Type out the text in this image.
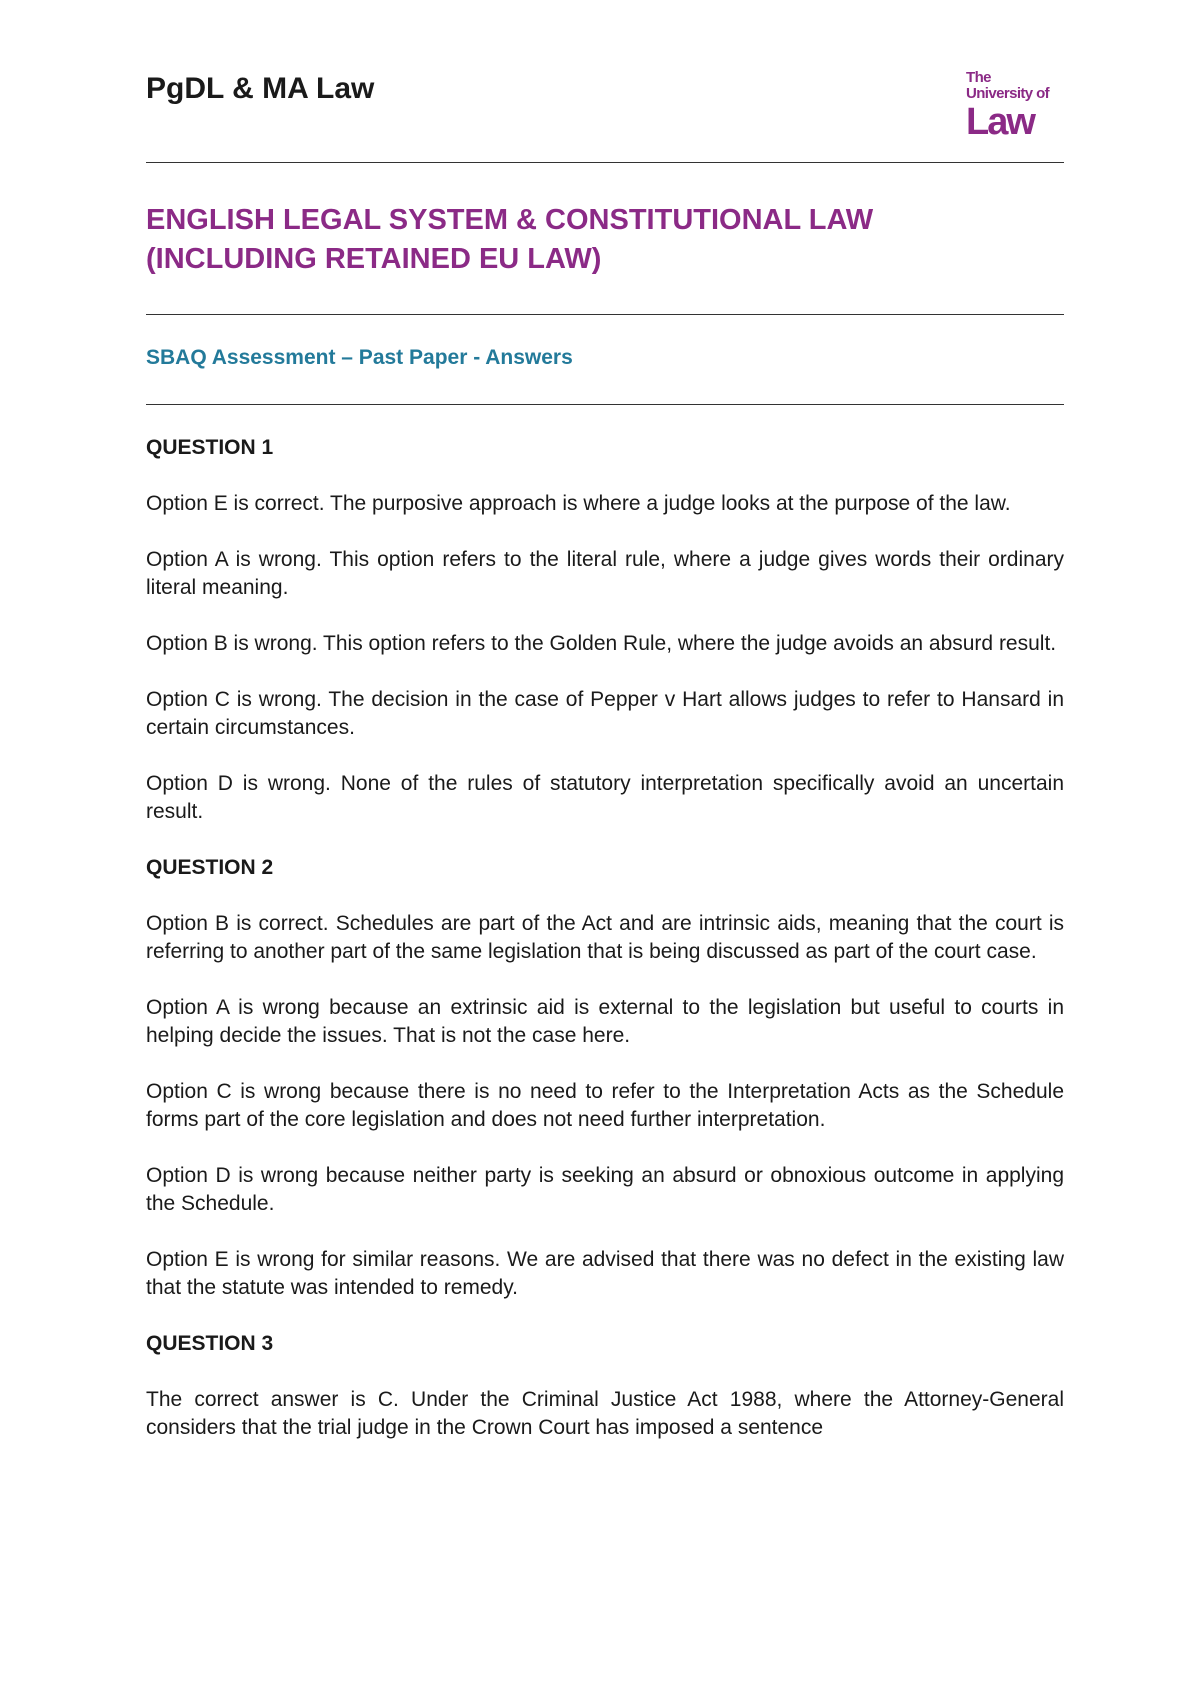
PgDL & MA Law	The
University of
Law
ENGLISH LEGAL SYSTEM & CONSTITUTIONAL LAW
(INCLUDING RETAINED EU LAW)

SBAQ Assessment – Past Paper - Answers

QUESTION 1

Option E is correct. The purposive approach is where a judge looks at the purpose of the law.

Option A is wrong. This option refers to the literal rule, where a judge gives words their ordinary literal meaning.

Option B is wrong. This option refers to the Golden Rule, where the judge avoids an absurd result.

Option C is wrong. The decision in the case of Pepper v Hart allows judges to refer to Hansard in certain circumstances.

Option D is wrong. None of the rules of statutory interpretation specifically avoid an uncertain result.

QUESTION 2

Option B is correct. Schedules are part of the Act and are intrinsic aids, meaning that the court is referring to another part of the same legislation that is being discussed as part of the court case.

Option A is wrong because an extrinsic aid is external to the legislation but useful to courts in helping decide the issues. That is not the case here.

Option C is wrong because there is no need to refer to the Interpretation Acts as the Schedule forms part of the core legislation and does not need further interpretation.

Option D is wrong because neither party is seeking an absurd or obnoxious outcome in applying the Schedule.

Option E is wrong for similar reasons. We are advised that there was no defect in the existing law that the statute was intended to remedy.

QUESTION 3

The correct answer is C. Under the Criminal Justice Act 1988, where the Attorney-General considers that the trial judge in the Crown Court has imposed a sentence
